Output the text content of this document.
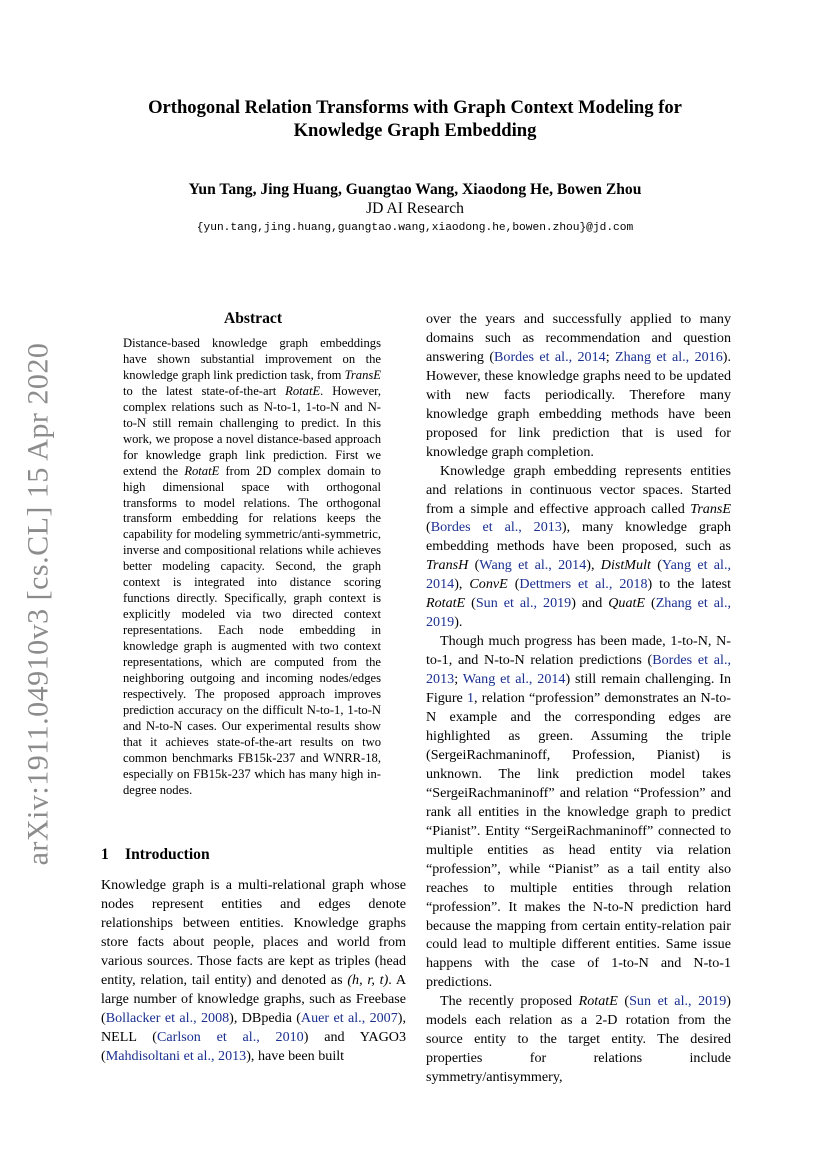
arXiv:1911.04910v3 [cs.CL] 15 Apr 2020
Orthogonal Relation Transforms with Graph Context Modeling for
Knowledge Graph Embedding
Yun Tang, Jing Huang, Guangtao Wang, Xiaodong He, Bowen Zhou
JD AI Research
{yun.tang,jing.huang,guangtao.wang,xiaodong.he,bowen.zhou}@jd.com
Abstract
Distance-based knowledge graph embeddings have shown substantial improvement on the knowledge graph link prediction task, from TransE to the latest state-of-the-art RotatE. However, complex relations such as N-to-1, 1-to-N and N-to-N still remain challenging to predict. In this work, we propose a novel distance-based approach for knowledge graph link prediction. First we extend the RotatE from 2D complex domain to high dimensional space with orthogonal transforms to model relations. The orthogonal transform embedding for relations keeps the capability for modeling symmetric/anti-symmetric, inverse and compositional relations while achieves better modeling capacity. Second, the graph context is integrated into distance scoring functions directly. Specifically, graph context is explicitly modeled via two directed context representations. Each node embedding in knowledge graph is augmented with two context representations, which are computed from the neighboring outgoing and incoming nodes/edges respectively. The proposed approach improves prediction accuracy on the difficult N-to-1, 1-to-N and N-to-N cases. Our experimental results show that it achieves state-of-the-art results on two common benchmarks FB15k-237 and WNRR-18, especially on FB15k-237 which has many high in-degree nodes.
1 Introduction

Knowledge graph is a multi-relational graph whose nodes represent entities and edges denote relationships between entities. Knowledge graphs store facts about people, places and world from various sources. Those facts are kept as triples (head entity, relation, tail entity) and denoted as (h, r, t). A large number of knowledge graphs, such as Freebase (Bollacker et al., 2008), DBpedia (Auer et al., 2007), NELL (Carlson et al., 2010) and YAGO3 (Mahdisoltani et al., 2013), have been built

over the years and successfully applied to many domains such as recommendation and question answering (Bordes et al., 2014; Zhang et al., 2016). However, these knowledge graphs need to be updated with new facts periodically. Therefore many knowledge graph embedding methods have been proposed for link prediction that is used for knowledge graph completion.

Knowledge graph embedding represents entities and relations in continuous vector spaces. Started from a simple and effective approach called TransE (Bordes et al., 2013), many knowledge graph embedding methods have been proposed, such as TransH (Wang et al., 2014), DistMult (Yang et al., 2014), ConvE (Dettmers et al., 2018) to the latest RotatE (Sun et al., 2019) and QuatE (Zhang et al., 2019).

Though much progress has been made, 1-to-N, N-to-1, and N-to-N relation predictions (Bordes et al., 2013; Wang et al., 2014) still remain challenging. In Figure 1, relation “profession” demonstrates an N-to-N example and the corresponding edges are highlighted as green. Assuming the triple (SergeiRachmaninoff, Profession, Pianist) is unknown. The link prediction model takes “SergeiRachmaninoff” and relation “Profession” and rank all entities in the knowledge graph to predict “Pianist”. Entity “SergeiRachmaninoff” connected to multiple entities as head entity via relation “profession”, while “Pianist” as a tail entity also reaches to multiple entities through relation “profession”. It makes the N-to-N prediction hard because the mapping from certain entity-relation pair could lead to multiple different entities. Same issue happens with the case of 1-to-N and N-to-1 predictions.

The recently proposed RotatE (Sun et al., 2019) models each relation as a 2-D rotation from the source entity to the target entity. The desired properties for relations include symmetry/antisymmery,
